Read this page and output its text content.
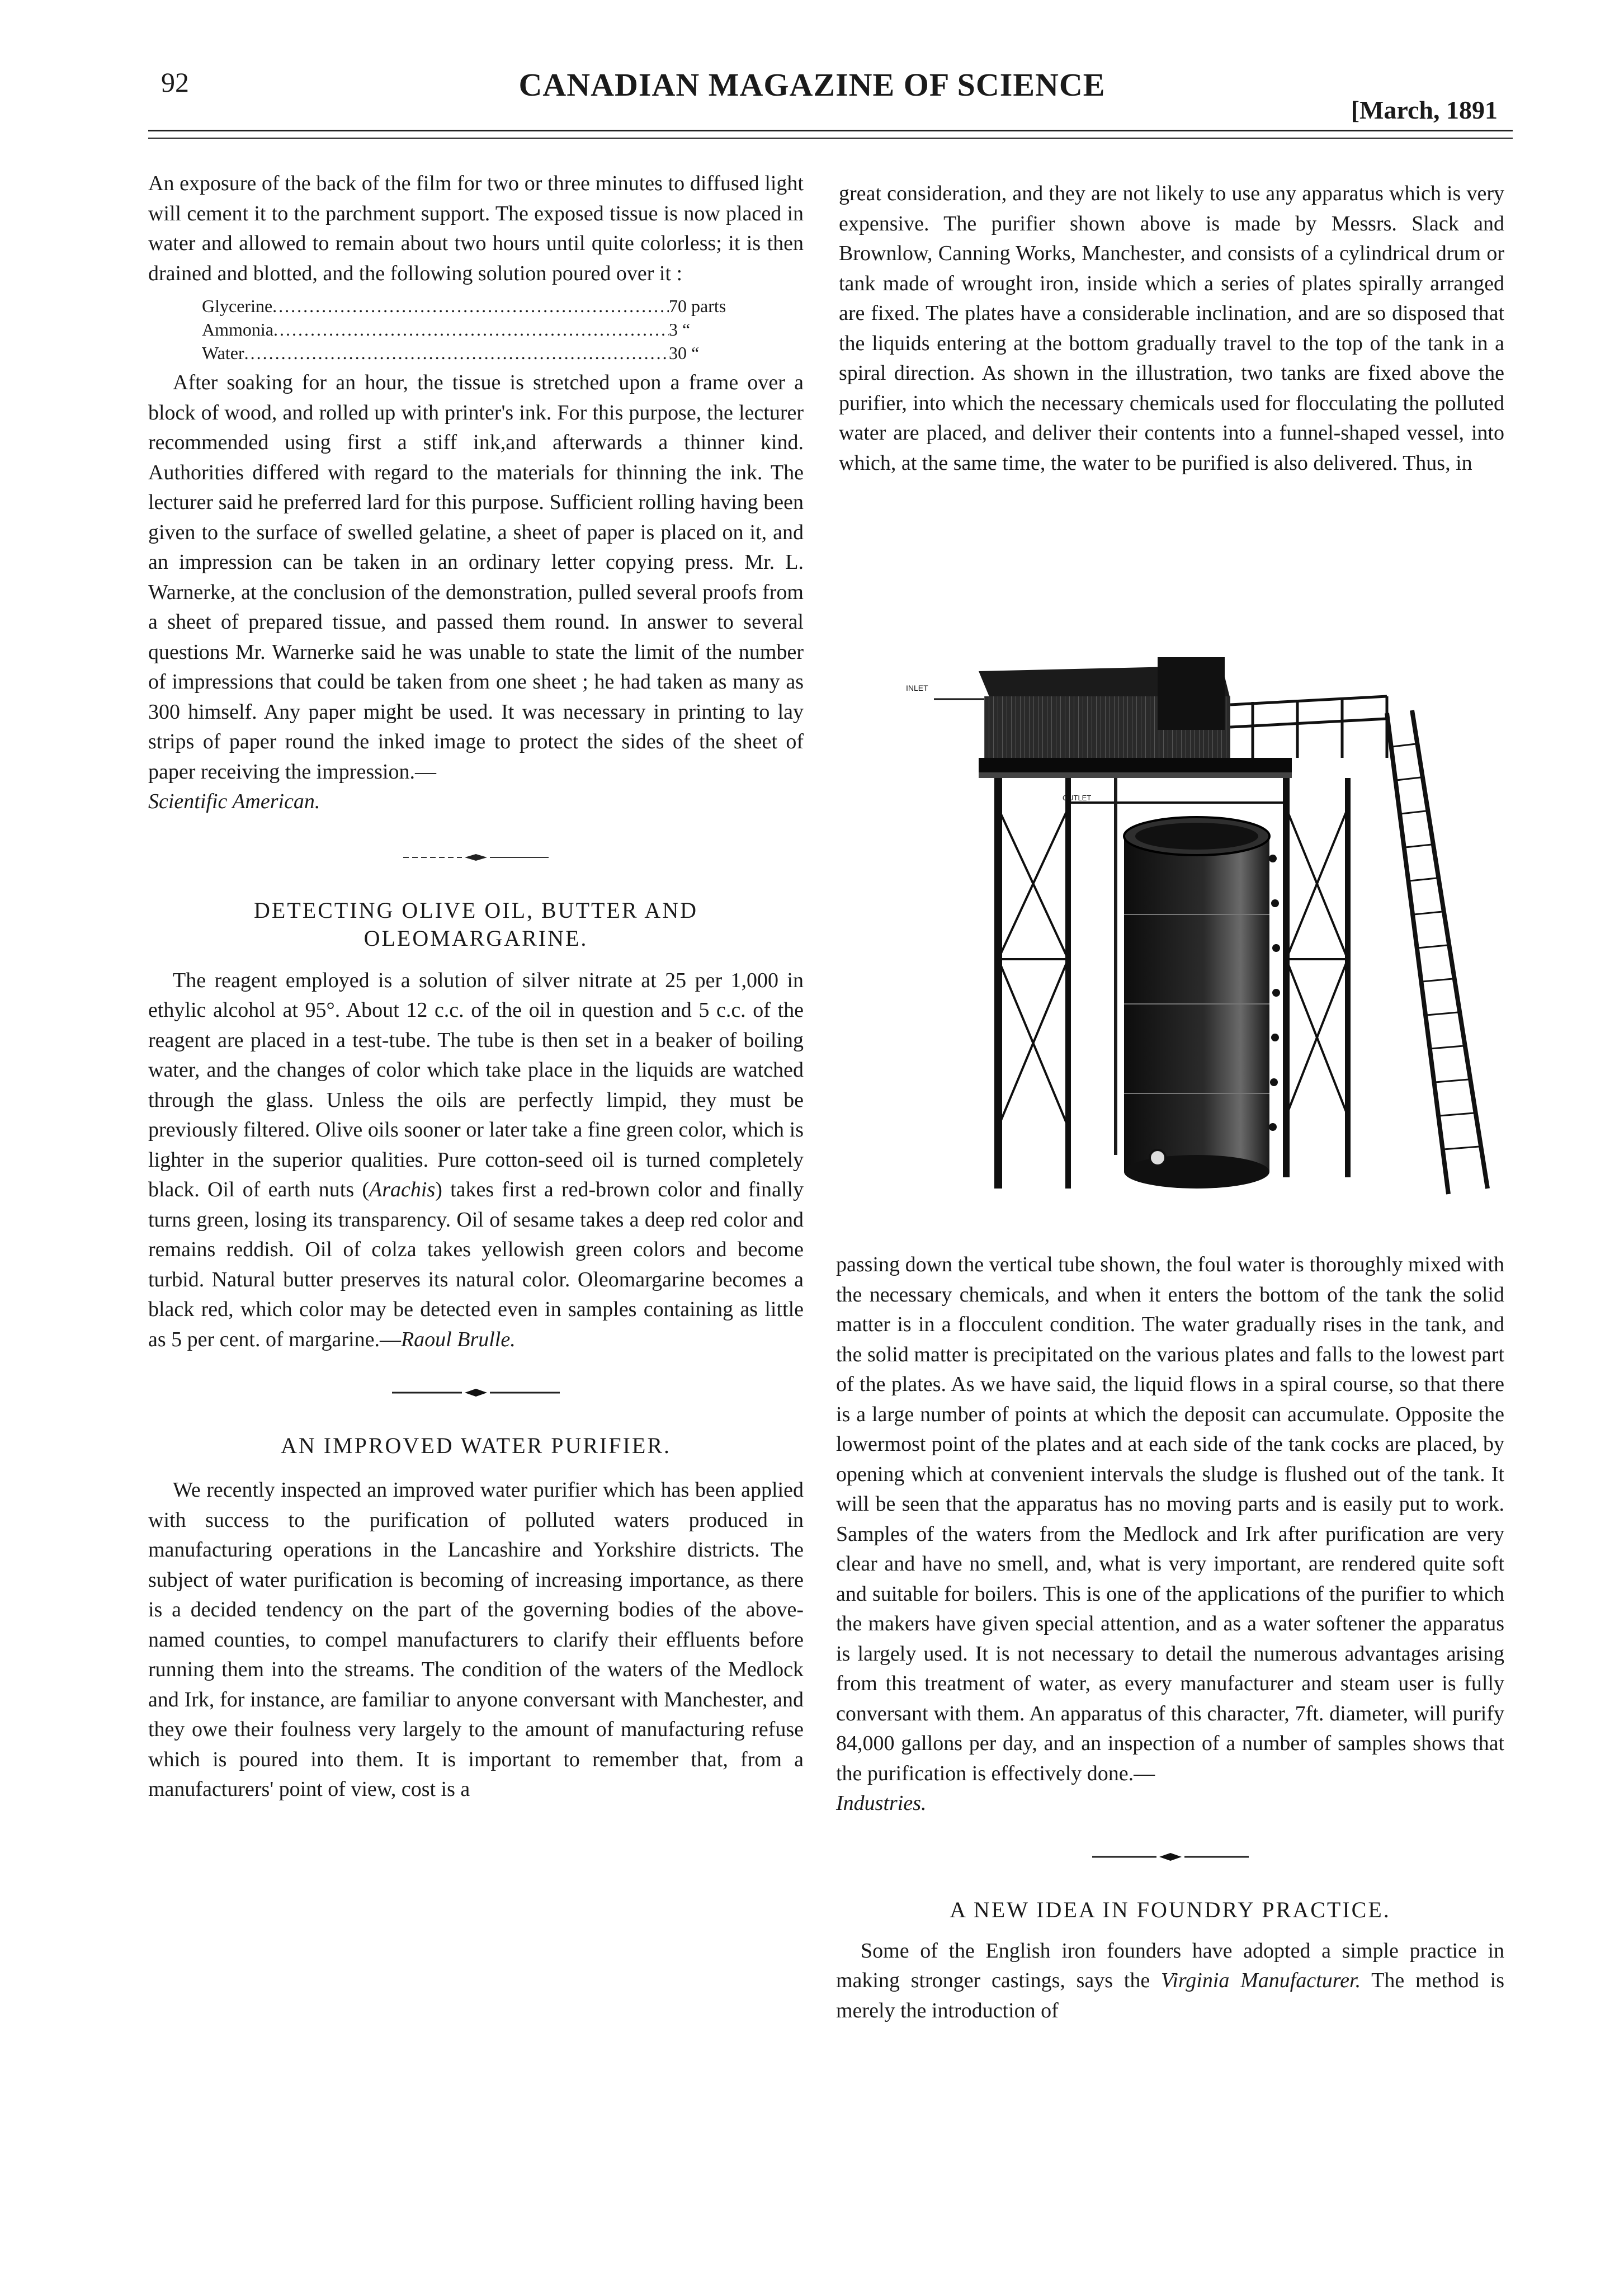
92	CANADIAN MAGAZINE OF SCIENCE
[March, 1891

An exposure of the back of the film for two or three minutes to diffused light will cement it to the parchment support. The exposed tissue is now placed in water and allowed to remain about two hours until quite colorless; it is then drained and blotted, and the following solution poured over it :

Glycerine .....	70 parts
Ammonia .....	3 “
Water .....	30 “

After soaking for an hour, the tissue is stretched upon a frame over a block of wood, and rolled up with printer's ink. For this purpose, the lecturer recommended using first a stiff ink,and afterwards a thinner kind. Authorities differed with regard to the materials for thinning the ink. The lecturer said he preferred lard for this purpose. Sufficient rolling having been given to the surface of swelled gelatine, a sheet of paper is placed on it, and an impression can be taken in an ordinary letter copying press. Mr. L. Warnerke, at the conclusion of the demonstration, pulled several proofs from a sheet of prepared tissue, and passed them round. In answer to several questions Mr. Warnerke said he was unable to state the limit of the number of impressions that could be taken from one sheet ; he had taken as many as 300 himself. Any paper might be used. It was necessary in printing to lay strips of paper round the inked image to protect the sides of the sheet of paper receiving the impression.—
Scientific American.

DETECTING OLIVE OIL, BUTTER AND OLEOMARGARINE.

The reagent employed is a solution of silver nitrate at 25 per 1,000 in ethylic alcohol at 95°. About 12 c.c. of the oil in question and 5 c.c. of the reagent are placed in a test-tube. The tube is then set in a beaker of boiling water, and the changes of color which take place in the liquids are watched through the glass. Unless the oils are perfectly limpid, they must be previously filtered. Olive oils sooner or later take a fine green color, which is lighter in the superior qualities. Pure cotton-seed oil is turned completely black. Oil of earth nuts (Arachis) takes first a red-brown color and finally turns green, losing its transparency. Oil of sesame takes a deep red color and remains reddish. Oil of colza takes yellowish green colors and become turbid. Natural butter preserves its natural color. Oleomargarine becomes a black red, which color may be detected even in samples containing as little as 5 per cent. of margarine.—Raoul Brulle.

AN IMPROVED WATER PURIFIER.

We recently inspected an improved water purifier which has been applied with success to the purification of polluted waters produced in manufacturing operations in the Lancashire and Yorkshire districts. The subject of water purification is becoming of increasing importance, as there is a decided tendency on the part of the governing bodies of the above-named counties, to compel manufacturers to clarify their effluents before running them into the streams. The condition of the waters of the Medlock and Irk, for instance, are familiar to anyone conversant with Manchester, and they owe their foulness very largely to the amount of manufacturing refuse which is poured into them. It is important to remember that, from a manufacturers' point of view, cost is a

great consideration, and they are not likely to use any apparatus which is very expensive. The purifier shown above is made by Messrs. Slack and Brownlow, Canning Works, Manchester, and consists of a cylindrical drum or tank made of wrought iron, inside which a series of plates spirally arranged are fixed. The plates have a considerable inclination, and are so disposed that the liquids entering at the bottom gradually travel to the top of the tank in a spiral direction. As shown in the illustration, two tanks are fixed above the purifier, into which the necessary chemicals used for flocculating the polluted water are placed, and deliver their contents into a funnel-shaped vessel, into which, at the same time, the water to be purified is also delivered. Thus, in

INLET
OUTLET

passing down the vertical tube shown, the foul water is thoroughly mixed with the necessary chemicals, and when it enters the bottom of the tank the solid matter is in a flocculent condition. The water gradually rises in the tank, and the solid matter is precipitated on the various plates and falls to the lowest part of the plates. As we have said, the liquid flows in a spiral course, so that there is a large number of points at which the deposit can accumulate. Opposite the lowermost point of the plates and at each side of the tank cocks are placed, by opening which at convenient intervals the sludge is flushed out of the tank. It will be seen that the apparatus has no moving parts and is easily put to work. Samples of the waters from the Medlock and Irk after purification are very clear and have no smell, and, what is very important, are rendered quite soft and suitable for boilers. This is one of the applications of the purifier to which the makers have given special attention, and as a water softener the apparatus is largely used. It is not necessary to detail the numerous advantages arising from this treatment of water, as every manufacturer and steam user is fully conversant with them. An apparatus of this character, 7ft. diameter, will purify 84,000 gallons per day, and an inspection of a number of samples shows that the purification is effectively done.—
Industries.

A NEW IDEA IN FOUNDRY PRACTICE.

Some of the English iron founders have adopted a simple practice in making stronger castings, says the Virginia Manufacturer. The method is merely the introduction of
